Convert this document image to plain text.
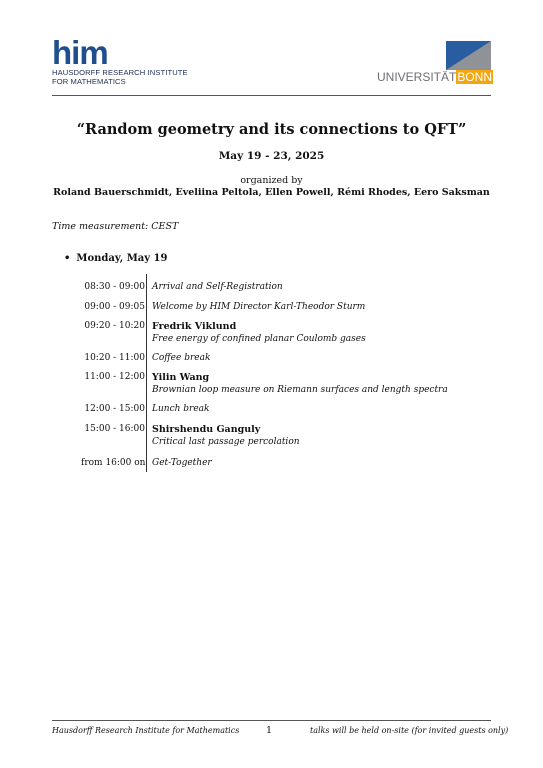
him
HAUSDORFF RESEARCH INSTITUTE
FOR MATHEMATICS	UNIVERSITÄTBONN
“Random geometry and its connections to QFT”
May 19 - 23, 2025
organized by
Roland Bauerschmidt, Eveliina Peltola, Ellen Powell, Rémi Rhodes, Eero Saksman
Time measurement: CEST
• Monday, May 19
08:30 - 09:00 Arrival and Self-Registration
09:00 - 09:05 Welcome by HIM Director Karl-Theodor Sturm
09:20 - 10:20 Fredrik Viklund
Free energy of confined planar Coulomb gases
10:20 - 11:00 Coffee break
11:00 - 12:00 Yilin Wang
Brownian loop measure on Riemann surfaces and length spectra
12:00 - 15:00 Lunch break
15:00 - 16:00 Shirshendu Ganguly
Critical last passage percolation
from 16:00 on Get-Together
Hausdorff Research Institute for Mathematics	1	talks will be held on-site (for invited guests only)
